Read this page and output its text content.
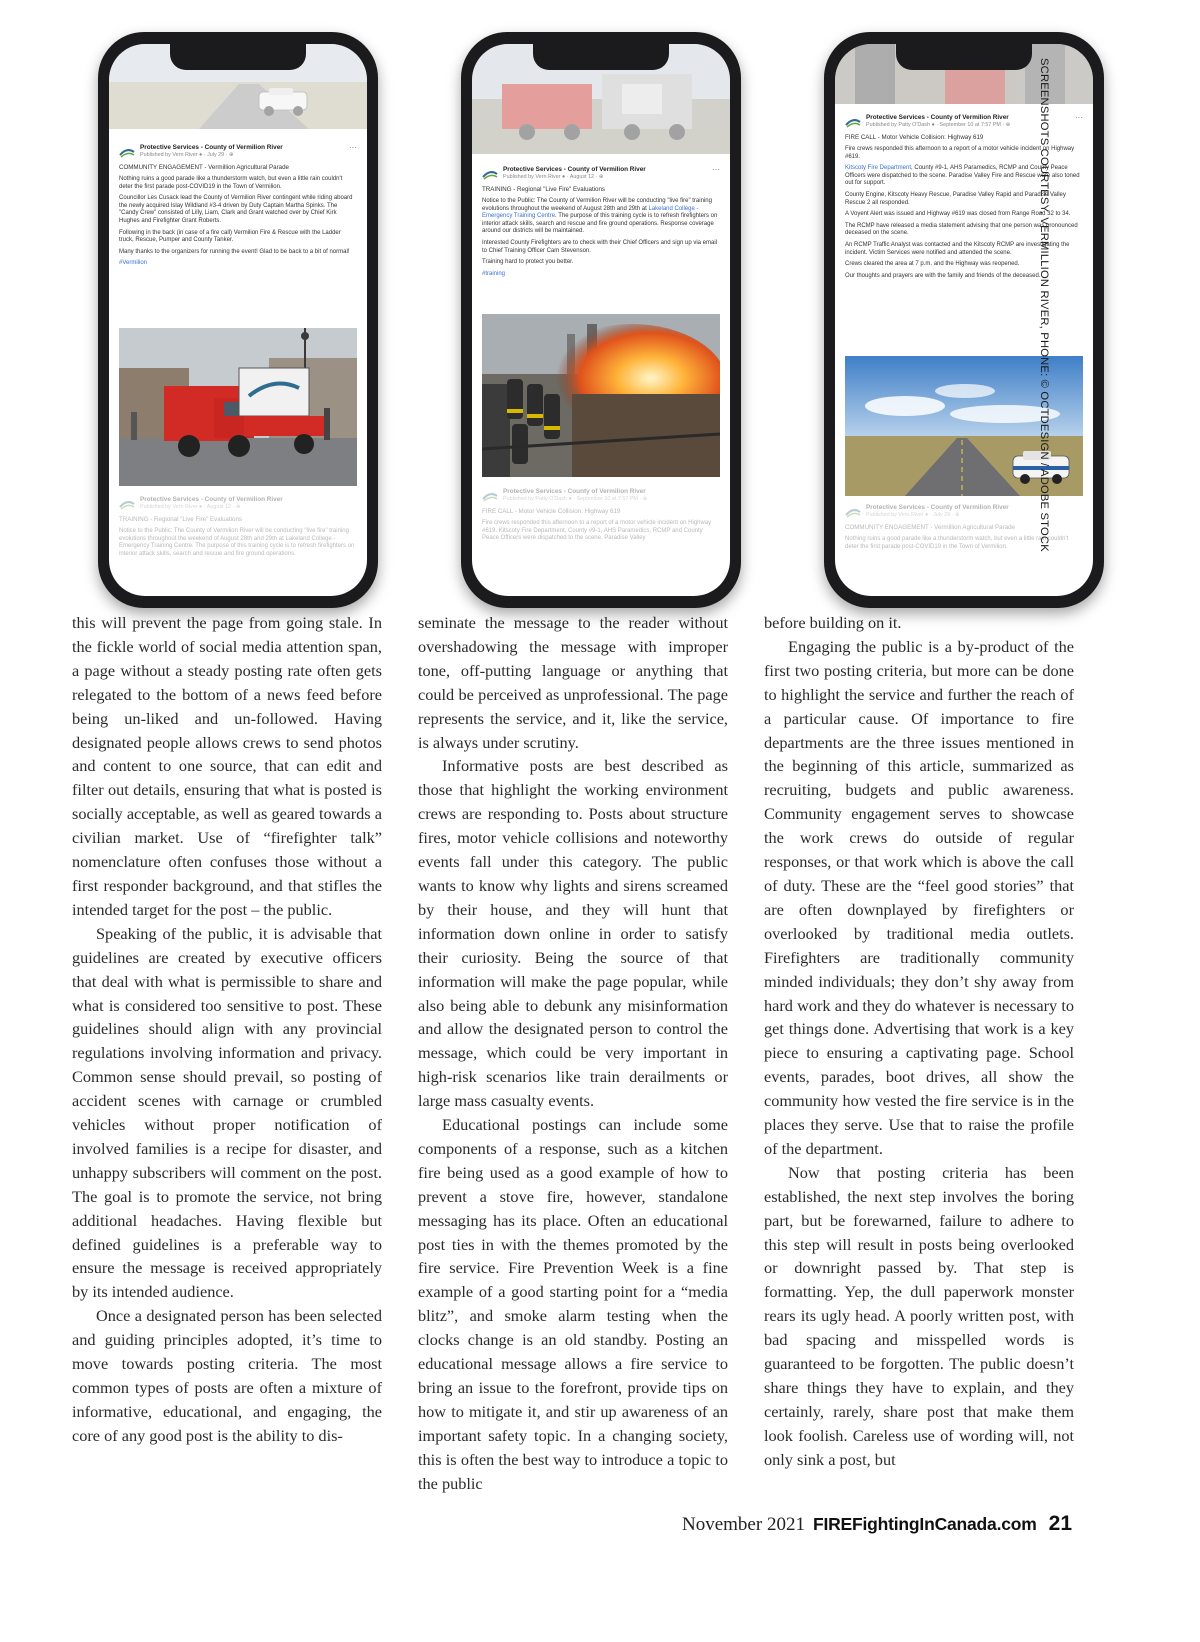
Protective Services - County of Vermilion River
Published by Vern River ● · July 29 · ⊕
···
COMMUNITY ENGAGEMENT - Vermillion Agricultural Parade

Nothing ruins a good parade like a thunderstorm watch, but even a little rain couldn't deter the first parade post-COVID19 in the Town of Vermilion.

Councillor Les Cusack lead the County of Vermilion River contingent while riding aboard the newly acquired Islay Wildland #3-4 driven by Duty Captain Martha Spinks. The "Candy Crew" consisted of Lilly, Liam, Clark and Grant watched over by Chief Kirk Hughes and Firefighter Grant Roberts.

Following in the back (in case of a fire call) Vermilion Fire & Rescue with the Ladder truck, Rescue, Pumper and County Tanker.

Many thanks to the organizers for running the event! Glad to be back to a bit of normal!

#Vermilion
Protective Services - County of Vermilion River
Published by Vern River ● · August 12 · ⊕
TRAINING - Regional "Live Fire" Evaluations

Notice to the Public: The County of Vermilion River will be conducting "live fire" training evolutions throughout the weekend of August 28th and 29th at Lakeland College - Emergency Training Centre. The purpose of this training cycle is to refresh firefighters on interior attack skills, search and rescue and fire ground operations.

Protective Services - County of Vermilion River
Published by Vern River ● · August 12 · ⊕
···
TRAINING - Regional "Live Fire" Evaluations

Notice to the Public: The County of Vermilion River will be conducting "live fire" training evolutions throughout the weekend of August 28th and 29th at Lakeland College - Emergency Training Centre. The purpose of this training cycle is to refresh firefighters on interior attack skills, search and rescue and fire ground operations. Response coverage around our districts will be maintained.

Interested County Firefighters are to check with their Chief Officers and sign up via email to Chief Training Officer Cam Stevenson.

Training hard to protect you better.

#training
Protective Services - County of Vermilion River
Published by Patty O'Dash ● · September 10 at 7:57 PM · ⊕
FIRE CALL - Motor Vehicle Collision: Highway 619

Fire crews responded this afternoon to a report of a motor vehicle incident on Highway #619. Kitscoty Fire Department, County #9-1, AHS Paramedics, RCMP and County Peace Officers were dispatched to the scene. Paradise Valley

Protective Services - County of Vermilion River
Published by Patty O'Dash ● · September 10 at 7:57 PM · ⊕
···
FIRE CALL - Motor Vehicle Collision: Highway 619

Fire crews responded this afternoon to a report of a motor vehicle incident on Highway #619.

Kitscoty Fire Department, County #9-1, AHS Paramedics, RCMP and County Peace Officers were dispatched to the scene. Paradise Valley Fire and Rescue were also toned out for support.

County Engine, Kitscoty Heavy Rescue, Paradise Valley Rapid and Paradise Valley Rescue 2 all responded.

A Voyent Alert was issued and Highway #619 was closed from Range Road 32 to 34.

The RCMP have released a media statement advising that one person was pronounced deceased on the scene.

An RCMP Traffic Analyst was contacted and the Kitscoty RCMP are investigating the incident. Victim Services were notified and attended the scene.

Crews cleared the area at 7 p.m. and the Highway was reopened.

Our thoughts and prayers are with the family and friends of the deceased.

Protective Services - County of Vermilion River
Published by Vern River ● · July 29 · ⊕
COMMUNITY ENGAGEMENT - Vermillion Agricultural Parade

Nothing ruins a good parade like a thunderstorm watch, but even a little rain couldn't deter the first parade post-COVID19 in the Town of Vermilion.	SCREENSHOTS COURTESY, VERMILLION RIVER, PHONE: © OCTDESIGN / ADOBE STOCK

this will prevent the page from going stale. In the fickle world of social media attention span, a page without a steady posting rate often gets relegated to the bottom of a news feed before being un-liked and un-followed. Having designated people allows crews to send photos and content to one source, that can edit and filter out details, ensuring that what is posted is socially acceptable, as well as geared towards a civilian market. Use of “firefighter talk” nomenclature often confuses those without a first responder background, and that stifles the intended target for the post – the public.

Speaking of the public, it is advisable that guidelines are created by executive officers that deal with what is permissible to share and what is considered too sensitive to post. These guidelines should align with any provincial regulations involving information and privacy. Common sense should prevail, so posting of accident scenes with carnage or crumbled vehicles without proper notification of involved families is a recipe for disaster, and unhappy subscribers will comment on the post. The goal is to promote the service, not bring additional headaches. Having flexible but defined guidelines is a preferable way to ensure the message is received appropriately by its intended audience.

Once a designated person has been selected and guiding principles adopted, it’s time to move towards posting criteria. The most common types of posts are often a mixture of informative, educational, and engaging, the core of any good post is the ability to dis-

seminate the message to the reader without overshadowing the message with improper tone, off-putting language or anything that could be perceived as unprofessional. The page represents the service, and it, like the service, is always under scrutiny.

Informative posts are best described as those that highlight the working environment crews are responding to. Posts about structure fires, motor vehicle collisions and noteworthy events fall under this category. The public wants to know why lights and sirens screamed by their house, and they will hunt that information down online in order to satisfy their curiosity. Being the source of that information will make the page popular, while also being able to debunk any misinformation and allow the designated person to control the message, which could be very important in high-risk scenarios like train derailments or large mass casualty events.

Educational postings can include some components of a response, such as a kitchen fire being used as a good example of how to prevent a stove fire, however, standalone messaging has its place. Often an educational post ties in with the themes promoted by the fire service. Fire Prevention Week is a fine example of a good starting point for a “media blitz”, and smoke alarm testing when the clocks change is an old standby. Posting an educational message allows a fire service to bring an issue to the forefront, provide tips on how to mitigate it, and stir up awareness of an important safety topic. In a changing society, this is often the best way to introduce a topic to the public

before building on it.

Engaging the public is a by-product of the first two posting criteria, but more can be done to highlight the service and further the reach of a particular cause. Of importance to fire departments are the three issues mentioned in the beginning of this article, summarized as recruiting, budgets and public awareness. Community engagement serves to showcase the work crews do outside of regular responses, or that work which is above the call of duty. These are the “feel good stories” that are often downplayed by firefighters or overlooked by traditional media outlets. Firefighters are traditionally community minded individuals; they don’t shy away from hard work and they do whatever is necessary to get things done. Advertising that work is a key piece to ensuring a captivating page. School events, parades, boot drives, all show the community how vested the fire service is in the places they serve. Use that to raise the profile of the department.

Now that posting criteria has been established, the next step involves the boring part, but be forewarned, failure to adhere to this step will result in posts being overlooked or downright passed by. That step is formatting. Yep, the dull paperwork monster rears its ugly head. A poorly written post, with bad spacing and misspelled words is guaranteed to be forgotten. The public doesn’t share things they have to explain, and they certainly, rarely, share post that make them look foolish. Careless use of wording will, not only sink a post, but

November 2021 FIREFightingInCanada.com 21
